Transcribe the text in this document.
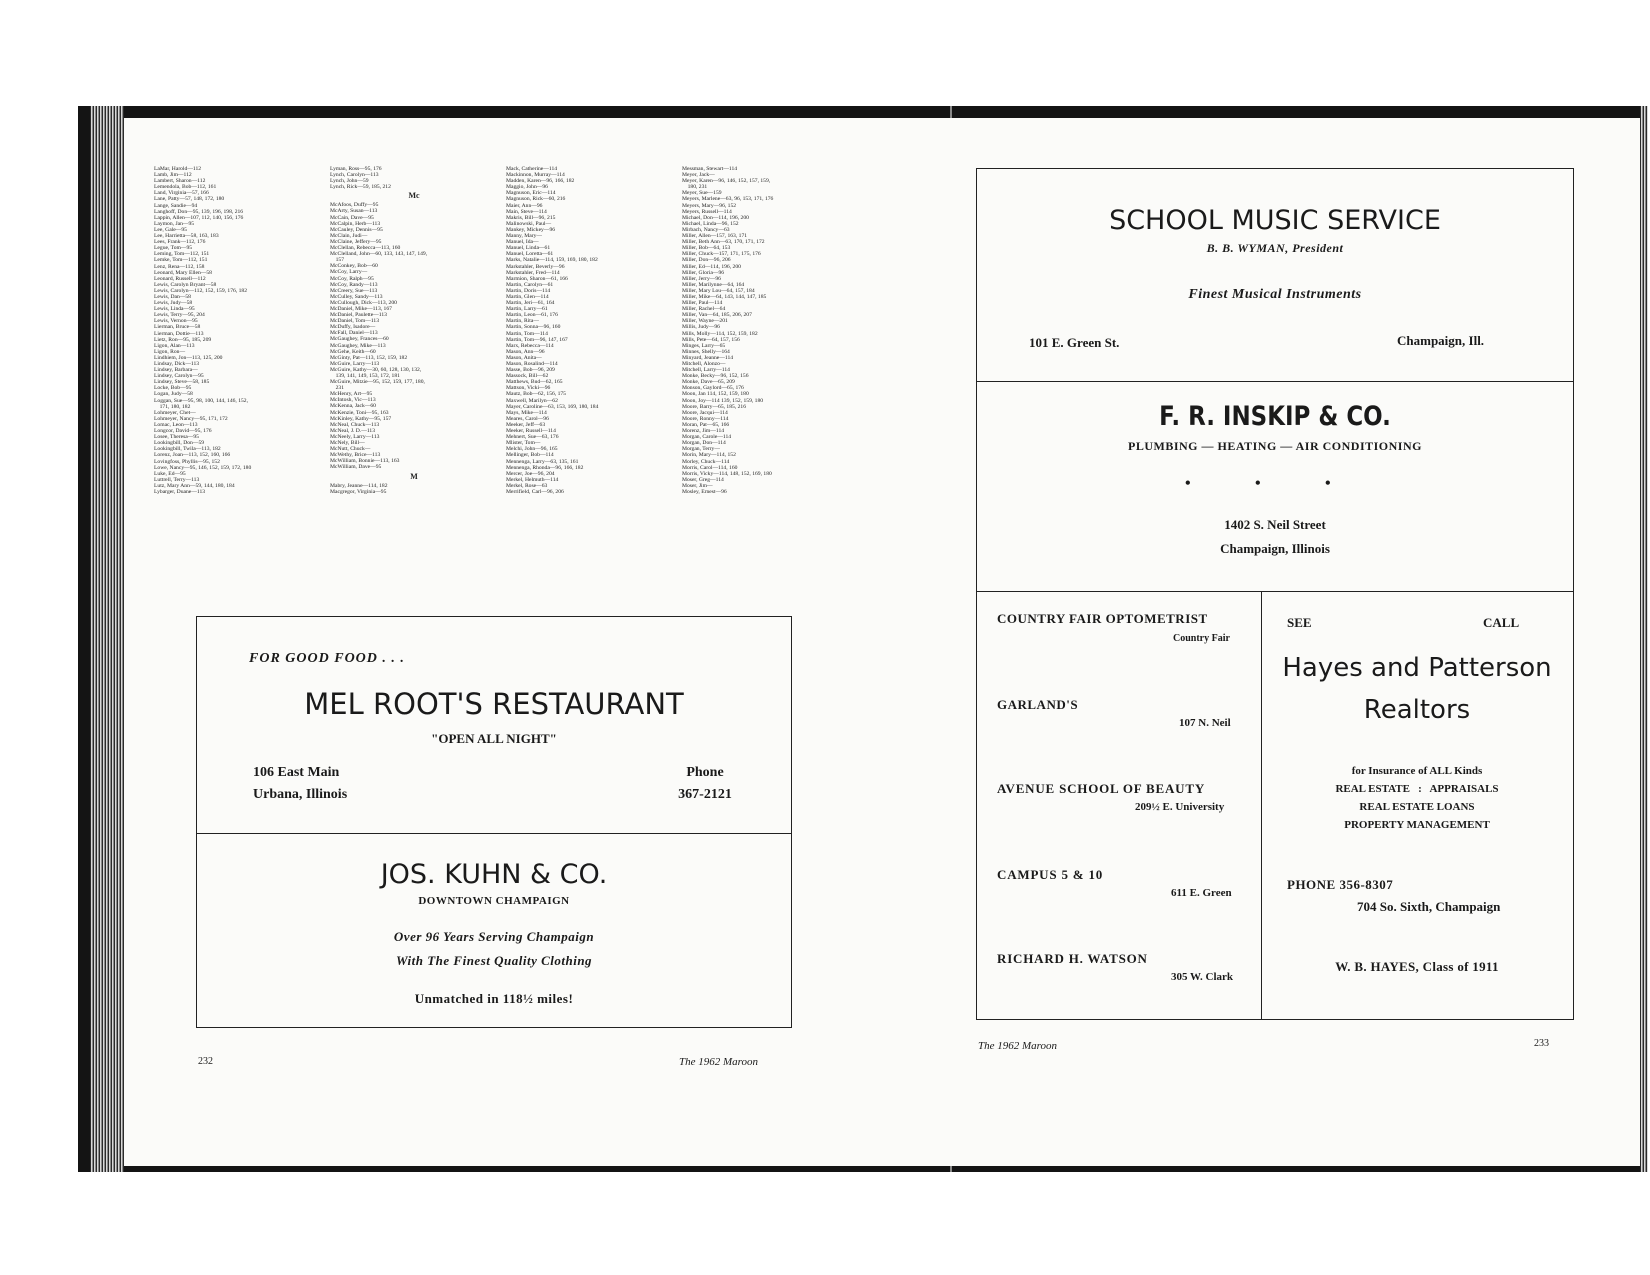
LaMar, Harold—112
Lamb, Jim—112
Lambert, Sharon—112
Lemendola, Bob—112, 161
Land, Virginia—57, 166
Lane, Patty—57, 148, 172, 180
Lange, Sandie—94
Langhoff, Don—95, 139, 196, 198, 216
Lappin, Allen—107, 112, 140, 156, 176
Laymon, Jan—95
Lee, Gale—95
Lee, Harrietta—58, 163, 183
Lees, Frank—112, 176
Legue, Tom—95
Leming, Tom—112, 151
Lemke, Tom—112, 151
Lenz, Rena—112, 158
Leonard, Mary Ellen—58
Leonard, Russell—112
Lewis, Carolyn Bryant—58
Lewis, Carolyn—112, 152, 159, 176, 182
Lewis, Dan—58
Lewis, Judy—58
Lewis, Linda—95
Lewis, Terry—95, 204
Lewis, Vernon—95
Lierman, Bruce—58
Lierman, Dottie—113
Lietz, Ron—95, 185, 209
Ligon, Alan—113
Ligon, Ron—
Lindhiem, Jon—113, 125, 200
Lindsay, Dick—113
Lindsey, Barbara—
Lindsey, Carolyn—95
Lindsey, Steve—58, 185
Locke, Bob—95
Logan, Judy—58
Loggan, Sue—95, 98, 100, 144, 146, 152,
171, 180, 182
Lohmeyer, Chet—
Lohmeyer, Nancy—95, 171, 172
Lomac, Leon—113
Longcor, David—95, 176
Losee, Theresa—95
Lookingbill, Don—59
Lookingbill, Twila—113, 182
Lorenz, Joan—113, 152, 160, 166
Lovingfoss, Phyllis—95, 152
Lowe, Nancy—95, 146, 152, 159, 172, 180
Luke, Ed—95
Luttrell, Terry—113
Lutz, Mary Ann—59, 144, 180, 184
Lybarger, Duane—113
Lyman, Ross—95, 176
Lynch, Carolyn—113
Lynch, John—59
Lynch, Rick—59, 185, 212
Mc
McAfoos, Duffy—95
McArty, Susan—113
McCain, Dave—95
McCalpin, Herb—113
McCauley, Dennis—95
McClain, Judi—
McClaine, Jeffery—95
McClellan, Rebecca—113, 160
McClelland, John—60, 133, 143, 147, 149,
157
McConkey, Bob—60
McCoy, Larry—
McCoy, Ralph—95
McCoy, Randy—113
McCreery, Sue—113
McCulley, Sandy—113
McCullough, Dick—113, 200
McDaniel, Mike—113, 167
McDaniel, Paulette—113
McDaniel, Tom—113
McDuffy, Isadore—
McFall, Daniel—113
McGaughey, Frances—60
McGaughey, Mike—113
McGehe, Keith—60
McGinty, Pat—113, 152, 159, 182
McGuire, Larry—113
McGuire, Kathy—30, 60, 128, 130, 132,
139, 141, 149, 153, 172, 181
McGuire, Mitzie—95, 152, 159, 177, 180,
231
McHenry, Art—95
McIntosh, Vic—113
McKenna, Jack—60
McKenzie, Toni—95, 163
McKinley, Kathy—95, 157
McNeal, Chuck—113
McNeal, J. D.—113
McNeely, Larry—113
McNely, Bill—
McNutt, Chuck—
McWethy, Brice—113
McWilliam, Bonnie—113, 163
McWilliam, Dave—95
M
Mabry, Jeanne—114, 182
Macgregor, Virginia—95
Mack, Catherine—114
Mackinnon, Murray—114
Madden, Karen—96, 166, 182
Maggio, John—96
Magnuson, Eric—114
Magnuson, Rick—60, 216
Maier, Ann—96
Main, Steve—114
Makris, Bill—96, 215
Malinowski, Paul—
Mankey, Mickey—96
Manny, Mary—
Manuel, Ida—
Manuel, Linda—61
Manuel, Loretta—61
Marks, Natalie—114, 159, 169, 180, 182
Markstahler, Beverly—96
Markstahler, Fred—114
Marmion, Sharon—61, 166
Martin, Carolyn—61
Martin, Doris—114
Martin, Glen—114
Martin, Jeri—61, 164
Martin, Larry—61
Martin, Leon—61, 176
Martin, Rita—
Martin, Sonna—96, 160
Martin, Tom—114
Martin, Tom—96, 147, 167
Marx, Rebecca—114
Mason, Ann—96
Mason, Anita—
Mason, Rosalind—114
Masse, Bob—96, 209
Massock, Bill—62
Matthews, Bud—62, 165
Mattson, Vicki—96
Mautz, Bob—62, 156, 175
Maxwell, Marilyn—62
Mayer, Caroline—63, 153, 169, 180, 184
Mays, Mike—114
Meares, Carol—96
Meeker, Jeff—63
Meeker, Russell—114
Mehnert, Sue—63, 176
Mlister, Tom—
Melchi, John—96, 165
Mellinger, Bob—114
Mennenga, Larry—63, 135, 161
Mennenga, Rhonda—96, 166, 182
Mercer, Joe—96, 204
Merkel, Helmuth—114
Merkel, Rose—63
Merrifield, Carl—96, 206
Messman, Stewart—114
Meyer, Jack—
Meyer, Karen—96, 146, 152, 157, 159,
180, 231
Meyer, Sue—159
Meyers, Marlene—63, 96, 153, 171, 176
Meyers, Mary—96, 152
Meyers, Russell—114
Michael, Don—114, 196, 200
Michael, Linda—96, 152
Mirbach, Nancy—63
Miller, Allen—157, 163, 171
Miller, Beth Ann—63, 170, 171, 172
Miller, Bob—64, 153
Miller, Chuck—157, 171, 175, 176
Miller, Don—96, 206
Miller, Ed—114, 196, 200
Miller, Gloria—96
Miller, Jerry—96
Miller, Marilynne—64, 164
Miller, Mary Lou—64, 157, 184
Miller, Mike—64, 143, 144, 147, 185
Miller, Paul—114
Miller, Rachel—64
Miller, Van—64, 185, 206, 207
Miller, Wayne—201
Millis, Judy—96
Mills, Molly—114, 152, 159, 182
Mills, Pete—64, 157, 156
Minges, Larry—65
Minnes, Shelly—164
Minyard, Jeanne—114
Mitchell, Alonzo—
Mitchell, Larry—114
Monke, Becky—96, 152, 156
Monke, Dave—65, 209
Monson, Gaylord—65, 176
Moon, Jan 114, 152, 159, 180
Moon, Joy—114 139, 152, 159, 180
Moore, Barry—65, 185, 216
Moore, Jacqui—114
Moore, Ronny—114
Moran, Pat—65, 166
Morenz, Jim—114
Morgan, Carole—114
Morgan, Don—114
Morgan, Terry—
Morin, Mary—114, 152
Morley, Chuck—114
Morris, Carol—114, 160
Morris, Vicky—114, 148, 152, 169, 180
Moser, Greg—114
Moser, Jim—
Mosley, Ernest—96
FOR GOOD FOOD . . .
MEL ROOT'S RESTAURANT
"OPEN ALL NIGHT"
106 East Main
Urbana, Illinois
Phone
367-2121
JOS. KUHN & CO.
DOWNTOWN CHAMPAIGN
Over 96 Years Serving Champaign
With The Finest Quality Clothing
Unmatched in 118½ miles!
232	The 1962 Maroon
SCHOOL MUSIC SERVICE
B. B. WYMAN, President
Finest Musical Instruments
101 E. Green St.	Champaign, Ill.
F. R. INSKIP & CO.
PLUMBING — HEATING — AIR CONDITIONING
•	•	•
1402 S. Neil Street
Champaign, Illinois
COUNTRY FAIR OPTOMETRIST
Country Fair
GARLAND'S
107 N. Neil
AVENUE SCHOOL OF BEAUTY
209½ E. University
CAMPUS 5 & 10
611 E. Green
RICHARD H. WATSON
305 W. Clark
SEE	CALL
Hayes and Patterson
Realtors
for Insurance of ALL Kinds
REAL ESTATE   :   APPRAISALS
REAL ESTATE LOANS
PROPERTY MANAGEMENT
PHONE 356-8307
704 So. Sixth, Champaign
W. B. HAYES, Class of 1911
The 1962 Maroon	233
